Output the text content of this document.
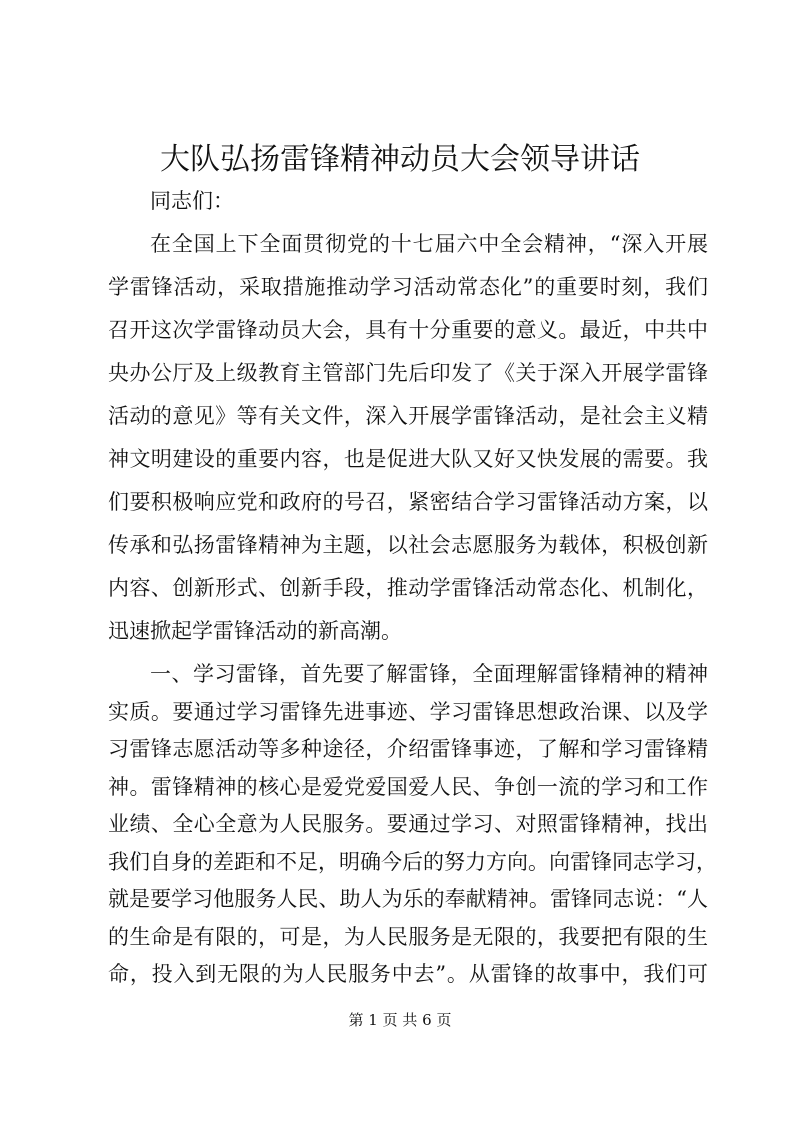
大队弘扬雷锋精神动员大会领导讲话

同志们：

在全国上下全面贯彻党的十七届六中全会精神，“深入开展

学雷锋活动，采取措施推动学习活动常态化”的重要时刻，我们

召开这次学雷锋动员大会，具有十分重要的意义。最近，中共中

央办公厅及上级教育主管部门先后印发了《关于深入开展学雷锋

活动的意见》等有关文件，深入开展学雷锋活动，是社会主义精

神文明建设的重要内容，也是促进大队又好又快发展的需要。我

们要积极响应党和政府的号召，紧密结合学习雷锋活动方案，以

传承和弘扬雷锋精神为主题，以社会志愿服务为载体，积极创新

内容、创新形式、创新手段，推动学雷锋活动常态化、机制化，

迅速掀起学雷锋活动的新高潮。

一、学习雷锋，首先要了解雷锋，全面理解雷锋精神的精神

实质。要通过学习雷锋先进事迹、学习雷锋思想政治课、以及学

习雷锋志愿活动等多种途径，介绍雷锋事迹，了解和学习雷锋精

神。雷锋精神的核心是爱党爱国爱人民、争创一流的学习和工作

业绩、全心全意为人民服务。要通过学习、对照雷锋精神，找出

我们自身的差距和不足，明确今后的努力方向。向雷锋同志学习，

就是要学习他服务人民、助人为乐的奉献精神。雷锋同志说：“人

的生命是有限的，可是，为人民服务是无限的，我要把有限的生

命，投入到无限的为人民服务中去”。从雷锋的故事中，我们可

第 1 页 共 6 页
